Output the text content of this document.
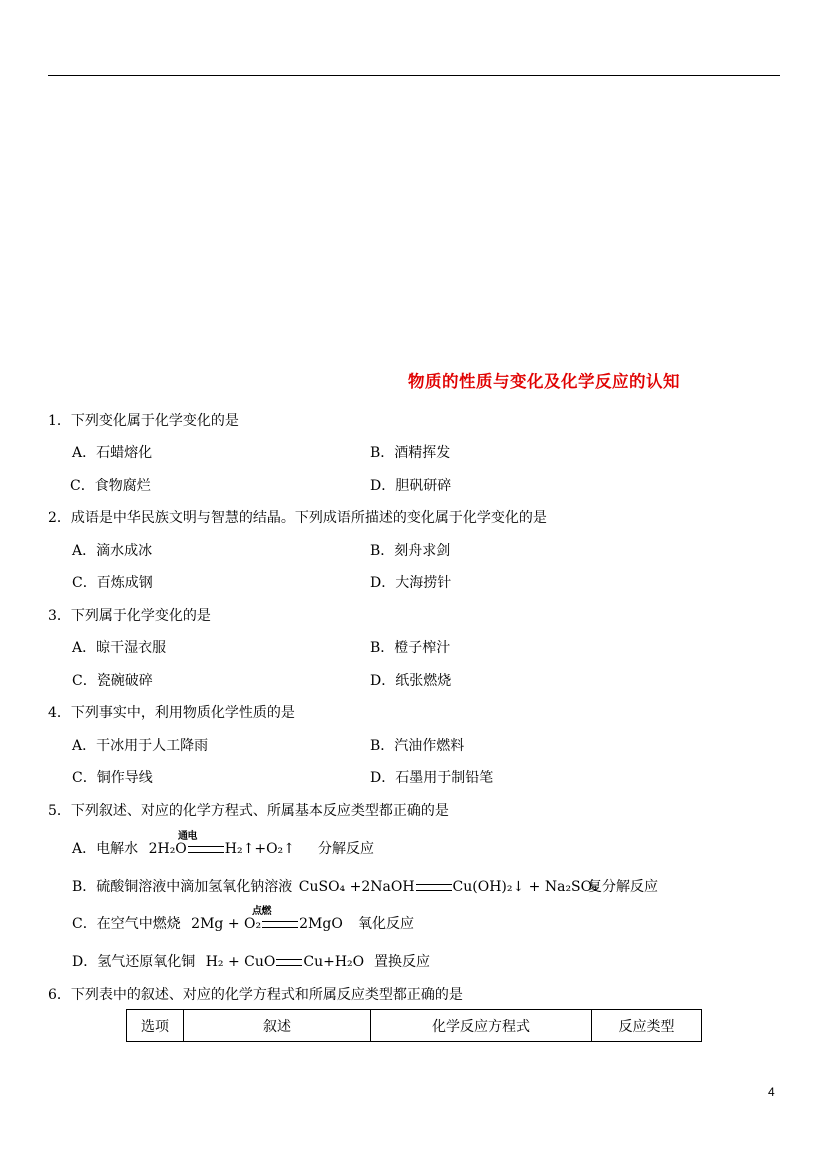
物质的性质与变化及化学反应的认知
1．下列变化属于化学变化的是
A．石蜡熔化	B．酒精挥发
C．食物腐烂	D．胆矾研碎
2．成语是中华民族文明与智慧的结晶。下列成语所描述的变化属于化学变化的是
A．滴水成冰	B．刻舟求剑
C．百炼成钢	D．大海捞针
3．下列属于化学变化的是
A．晾干湿衣服	B．橙子榨汁
C．瓷碗破碎	D．纸张燃烧
4．下列事实中，利用物质化学性质的是
A．干冰用于人工降雨	B．汽油作燃料
C．铜作导线	D．石墨用于制铅笔
5．下列叙述、对应的化学方程式、所属基本反应类型都正确的是
A．电解水 2H₂O	H₂↑+O₂↑
通电
分解反应
B．硫酸铜溶液中滴加氢氧化钠溶液 CuSO₄ +2NaOH	Cu(OH)₂↓ + Na₂SO₄
复分解反应
C．在空气中燃烧 2Mg + O₂	2MgO
点燃
氧化反应
D．氢气还原氧化铜 H₂ + CuO Cu+H₂O 置换反应
6．下列表中的叙述、对应的化学方程式和所属反应类型都正确的是
选项	叙述	化学反应方程式	反应类型
4
